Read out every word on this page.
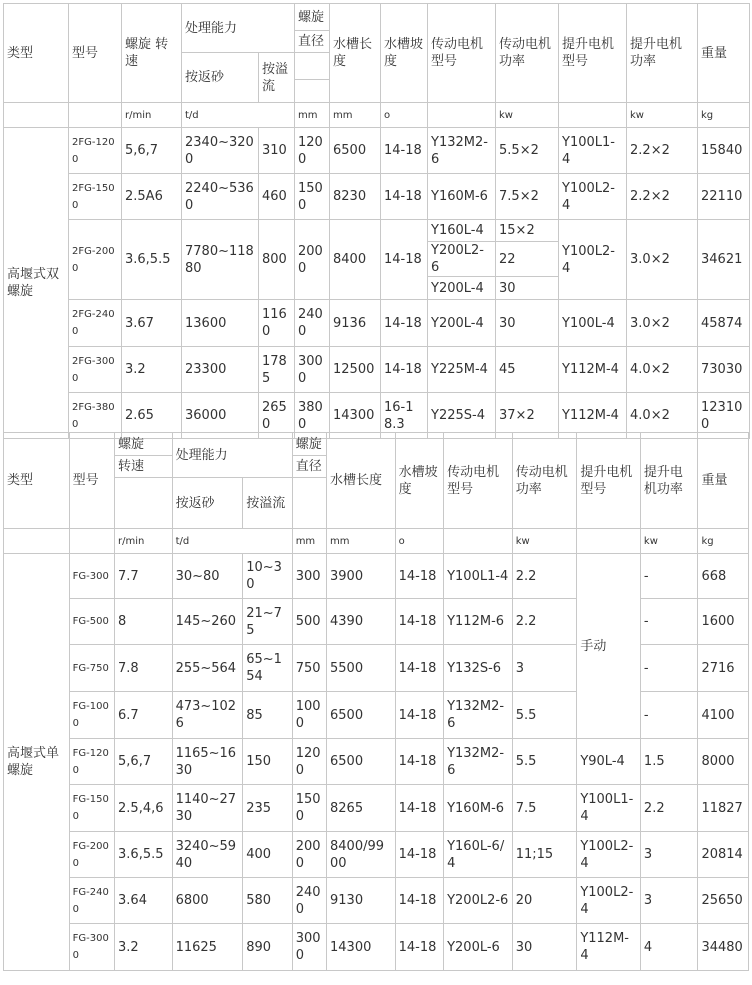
类型	型号	螺旋 转速	处理能力		螺旋	水槽长度	水槽坡度	传动电机型号	传动电机功率	提升电机型号	提升电机功率	重量
					直径							
			按返砂	按溢流								

		r/min	t/d		mm	mm	o		kw		kw	kg
高堰式双螺旋	2FG-1200	5,6,7	2340~3200	310	1200	6500	14-18	Y132M2-6	5.5×2	Y100L1-4	2.2×2	15840
	2FG-1500	2.5A6	2240~5360	460	1500	8230	14-18	Y160M-6	7.5×2	Y100L2-4	2.2×2	22110
	2FG-2000	3.6,5.5	7780~11880	800	2000	8400	14-18	Y160L-4	15×2	Y100L2-4	3.0×2	34621
								Y200L2-6	22			
								Y200L-4	30			
	2FG-2400	3.67	13600	1160	2400	9136	14-18	Y200L-4	30	Y100L-4	3.0×2	45874
	2FG-3000	3.2	23300	1785	3000	12500	14-18	Y225M-4	45	Y112M-4	4.0×2	73030
	2FG-3800	2.65	36000	2650	3800	14300	16-18.3	Y225S-4	37×2	Y112M-4	4.0×2	123100
类型	型号	螺旋	处理能力		螺旋	水槽长度	水槽坡度	传动电机型号	传动电机功率	提升电机型号	提升电机功率	重量
		转速			直径							
			按返砂	按溢流								

		r/min	t/d		mm	mm	o		kw		kw	kg
高堰式单螺旋	FG-300	7.7	30~80	10~30	300	3900	14-18	Y100L1-4	2.2	手动	-	668
	FG-500	8	145~260	21~75	500	4390	14-18	Y112M-6	2.2		-	1600
	FG-750	7.8	255~564	65~154	750	5500	14-18	Y132S-6	3		-	2716
	FG-1000	6.7	473~1026	85	1000	6500	14-18	Y132M2-6	5.5		-	4100
	FG-1200	5,6,7	1165~1630	150	1200	6500	14-18	Y132M2-6	5.5	Y90L-4	1.5	8000
	FG-1500	2.5,4,6	1140~2730	235	1500	8265	14-18	Y160M-6	7.5	Y100L1-4	2.2	11827
	FG-2000	3.6,5.5	3240~5940	400	2000	8400/9900	14-18	Y160L-6/4	11;15	Y100L2-4	3	20814
	FG-2400	3.64	6800	580	2400	9130	14-18	Y200L2-6	20	Y100L2-4	3	25650
	FG-3000	3.2	11625	890	3000	14300	14-18	Y200L-6	30	Y112M-4	4	34480
